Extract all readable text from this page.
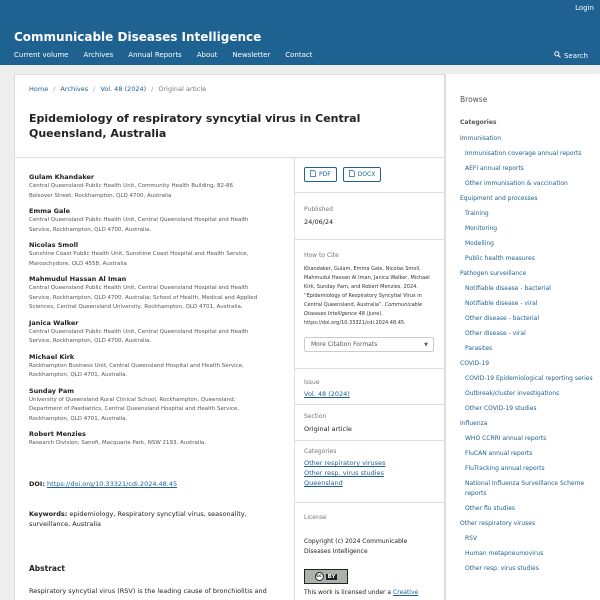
Login
Communicable Diseases Intelligence
Current volume Archives Annual Reports About Newsletter Contact	Search
Home / Archives / Vol. 48 (2024) / Original article
Epidemiology of respiratory syncytial virus in Central Queensland, Australia
Gulam Khandaker
Central Queensland Public Health Unit, Community Health Building, 82-86
Bolsover Street, Rockhampton, QLD 4700, Australia
Emma Gale
Central Queensland Public Health Unit, Central Queensland Hospital and Health
Service, Rockhampton, QLD 4700, Australia.
Nicolas Smoll
Sunshine Coast Public Health Unit, Sunshine Coast Hospital and Health Service,
Maroochydore, QLD 4558, Australia
Mahmudul Hassan Al Iman
Central Queensland Public Health Unit, Central Queensland Hospital and Health
Service, Rockhampton, QLD 4700, Australia; School of Health, Medical and Applied
Sciences, Central Queensland University, Rockhampton, QLD 4701, Australia.
Janica Walker
Central Queensland Public Health Unit, Central Queensland Hospital and Health
Service, Rockhampton, QLD 4700, Australia.
Michael Kirk
Rockhampton Business Unit, Central Queensland Hospital and Health Service,
Rockhampton, QLD 4701, Australia.
Sunday Pam
University of Queensland Rural Clinical School, Rockhampton, Queensland;
Department of Paediatrics, Central Queensland Hospital and Health Service,
Rockhampton, QLD 4701, Australia.
Robert Menzies
Research Division, Sanofi, Macquarie Park, NSW 2193, Australia.
DOI: https://doi.org/10.33321/cdi.2024.48.45
Keywords: epidemiology, Respiratory syncytial virus, seasonality, surveillance, Australia
Abstract
Respiratory syncytial virus (RSV) is the leading cause of bronchiolitis and
PDF	DOCX
Published
24/06/24
How to Cite
Khandaker, Gulam, Emma Gale, Nicolas Smoll, Mahmudul Hassan Al Iman, Janica Walker, Michael Kirk, Sunday Pam, and Robert Menzies. 2024. “Epidemiology of Respiratory Syncytial Virus in Central Queensland, Australia”. Communicable Diseases Intelligence 48 (June). https://doi.org/10.33321/cdi.2024.48.45.
More Citation Formats	▼
Issue
Vol. 48 (2024)
Section
Original article
Categories
Other respiratory viruses
Other resp. virus studies
Queensland
License
Copyright (c) 2024 Communicable Diseases Intelligence
cc	BY
This work is licensed under a Creative
Browse
Categories
Immunisation
Immunisation coverage annual reports
AEFI annual reports
Other immunisation & vaccination
Equipment and processes
Training
Monitoring
Modelling
Public health measures
Pathogen surveillance
Notifiable disease - bacterial
Notifiable disease - viral
Other disease - bacterial
Other disease - viral
Parasites
COVID-19
COVID-19 Epidemiological reporting series
Outbreak/cluster investigations
Other COVID-19 studies
Influenza
WHO CCRRI annual reports
FluCAN annual reports
FluTracking annual reports
National Influenza Surveillance Scheme reports
Other flu studies
Other respiratory viruses
RSV
Human metapneumovirus
Other resp. virus studies
